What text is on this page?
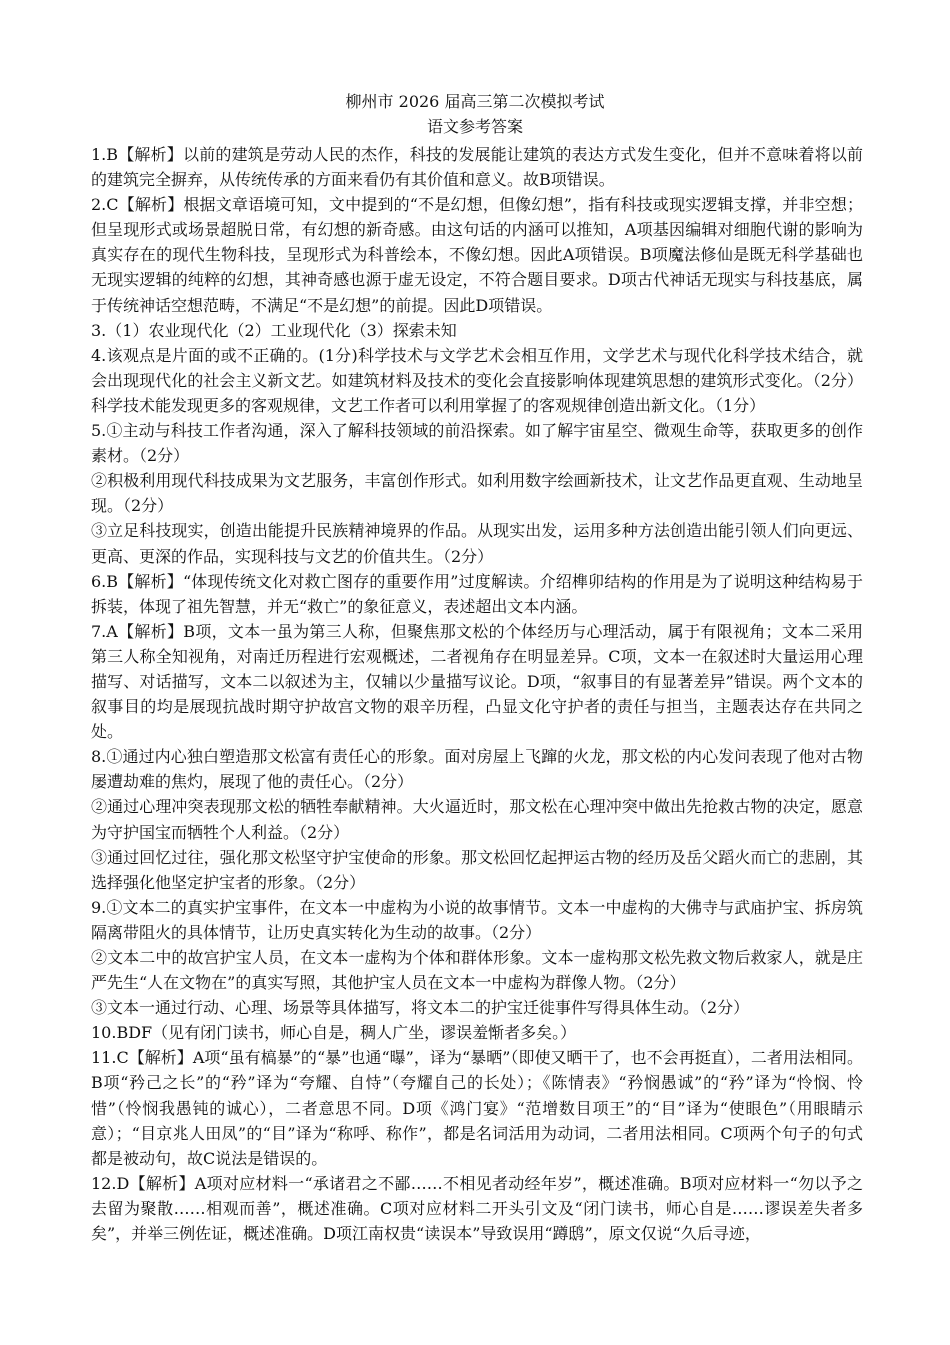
柳州市 2026 届高三第二次模拟考试
语文参考答案

1.B【解析】以前的建筑是劳动人民的杰作，科技的发展能让建筑的表达方式发生变化，但并不意味着将以前的建筑完全摒弃，从传统传承的方面来看仍有其价值和意义。故B项错误。

2.C【解析】根据文章语境可知，文中提到的“不是幻想，但像幻想”，指有科技或现实逻辑支撑，并非空想；但呈现形式或场景超脱日常，有幻想的新奇感。由这句话的内涵可以推知，A项基因编辑对细胞代谢的影响为真实存在的现代生物科技，呈现形式为科普绘本，不像幻想。因此A项错误。B项魔法修仙是既无科学基础也无现实逻辑的纯粹的幻想，其神奇感也源于虚无设定，不符合题目要求。D项古代神话无现实与科技基底，属于传统神话空想范畴，不满足“不是幻想”的前提。因此D项错误。

3.（1）农业现代化（2）工业现代化（3）探索未知

4.该观点是片面的或不正确的。(1分)科学技术与文学艺术会相互作用，文学艺术与现代化科学技术结合，就会出现现代化的社会主义新文艺。如建筑材料及技术的变化会直接影响体现建筑思想的建筑形式变化。（2分）科学技术能发现更多的客观规律，文艺工作者可以利用掌握了的客观规律创造出新文化。（1分）

5.①主动与科技工作者沟通，深入了解科技领域的前沿探索。如了解宇宙星空、微观生命等，获取更多的创作素材。（2分）

②积极利用现代科技成果为文艺服务，丰富创作形式。如利用数字绘画新技术，让文艺作品更直观、生动地呈现。（2分）

③立足科技现实，创造出能提升民族精神境界的作品。从现实出发，运用多种方法创造出能引领人们向更远、更高、更深的作品，实现科技与文艺的价值共生。（2分）

6.B【解析】“体现传统文化对救亡图存的重要作用”过度解读。介绍榫卯结构的作用是为了说明这种结构易于拆装，体现了祖先智慧，并无“救亡”的象征意义，表述超出文本内涵。

7.A【解析】B项，文本一虽为第三人称，但聚焦那文松的个体经历与心理活动，属于有限视角；文本二采用第三人称全知视角，对南迁历程进行宏观概述，二者视角存在明显差异。C项，文本一在叙述时大量运用心理描写、对话描写，文本二以叙述为主，仅辅以少量描写议论。D项，“叙事目的有显著差异”错误。两个文本的叙事目的均是展现抗战时期守护故宫文物的艰辛历程，凸显文化守护者的责任与担当，主题表达存在共同之处。

8.①通过内心独白塑造那文松富有责任心的形象。面对房屋上飞蹿的火龙，那文松的内心发问表现了他对古物屡遭劫难的焦灼，展现了他的责任心。（2分）

②通过心理冲突表现那文松的牺牲奉献精神。大火逼近时，那文松在心理冲突中做出先抢救古物的决定，愿意为守护国宝而牺牲个人利益。（2分）

③通过回忆过往，强化那文松坚守护宝使命的形象。那文松回忆起押运古物的经历及岳父蹈火而亡的悲剧，其选择强化他坚定护宝者的形象。（2分）

9.①文本二的真实护宝事件，在文本一中虚构为小说的故事情节。文本一中虚构的大佛寺与武庙护宝、拆房筑隔离带阻火的具体情节，让历史真实转化为生动的故事。（2分）

②文本二中的故宫护宝人员，在文本一虚构为个体和群体形象。文本一虚构那文松先救文物后救家人，就是庄严先生“人在文物在”的真实写照，其他护宝人员在文本一中虚构为群像人物。（2分）

③文本一通过行动、心理、场景等具体描写，将文本二的护宝迁徙事件写得具体生动。（2分）

10.BDF（见有闭门读书，师心自是，稠人广坐，谬误羞惭者多矣。）

11.C【解析】A项“虽有槁暴”的“暴”也通“曝”，译为“暴晒”（即使又晒干了，也不会再挺直），二者用法相同。B项“矜己之长”的“矜”译为“夸耀、自恃”（夸耀自己的长处）；《陈情表》“矜悯愚诚”的“矜”译为“怜悯、怜惜”（怜悯我愚钝的诚心），二者意思不同。D项《鸿门宴》“范增数目项王”的“目”译为“使眼色”（用眼睛示意）；“目京兆人田凤”的“目”译为“称呼、称作”，都是名词活用为动词，二者用法相同。C项两个句子的句式都是被动句，故C说法是错误的。

12.D【解析】A项对应材料一“承诸君之不鄙……不相见者动经年岁”，概述准确。B项对应材料一“勿以予之去留为聚散……相观而善”，概述准确。C项对应材料二开头引文及“闭门读书，师心自是……谬误差失者多矣”，并举三例佐证，概述准确。D项江南权贵“读误本”导致误用“蹲鸱”，原文仅说“久后寻迹，
